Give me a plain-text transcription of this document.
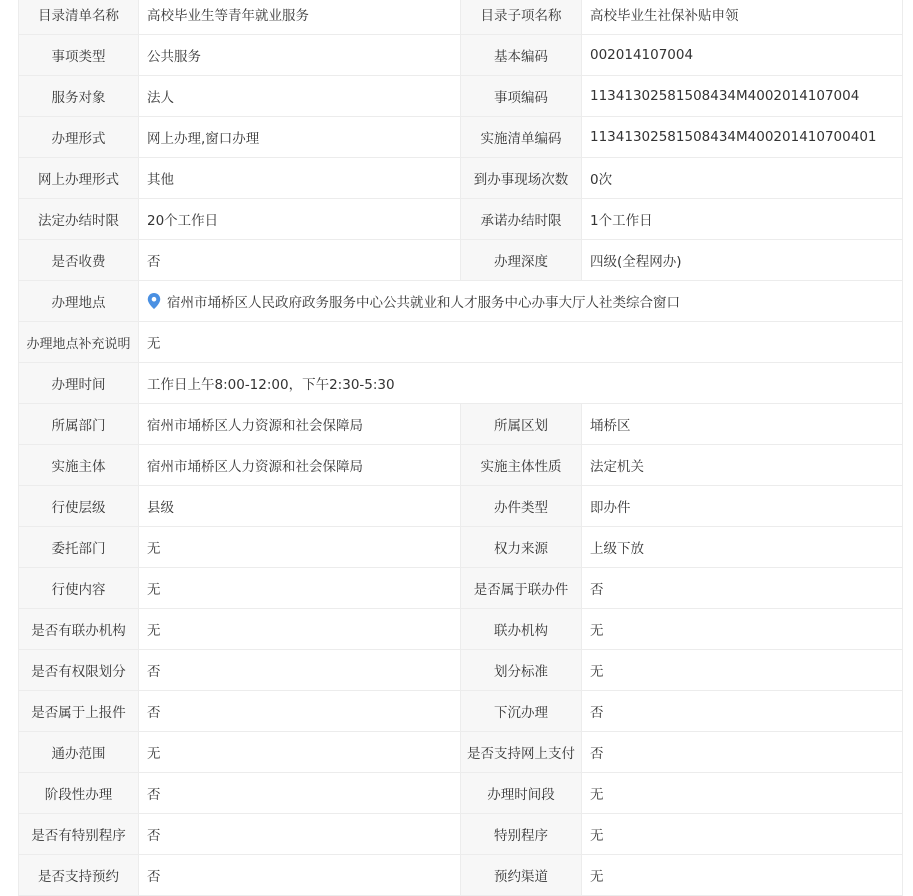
目录清单名称	高校毕业生等青年就业服务	目录子项名称	高校毕业生社保补贴申领
事项类型	公共服务	基本编码	002014107004
服务对象	法人	事项编码	11341302581508434M4002014107004
办理形式	网上办理,窗口办理	实施清单编码	11341302581508434M400201410700401
网上办理形式	其他	到办事现场次数	0次
法定办结时限	20个工作日	承诺办结时限	1个工作日
是否收费	否	办理深度	四级(全程网办)
办理地点	宿州市埇桥区人民政府政务服务中心公共就业和人才服务中心办事大厅人社类综合窗口
办理地点补充说明	无
办理时间	工作日上午8:00-12:00，下午2:30-5:30
所属部门	宿州市埇桥区人力资源和社会保障局	所属区划	埇桥区
实施主体	宿州市埇桥区人力资源和社会保障局	实施主体性质	法定机关
行使层级	县级	办件类型	即办件
委托部门	无	权力来源	上级下放
行使内容	无	是否属于联办件	否
是否有联办机构	无	联办机构	无
是否有权限划分	否	划分标准	无
是否属于上报件	否	下沉办理	否
通办范围	无	是否支持网上支付	否
阶段性办理	否	办理时间段	无
是否有特别程序	否	特别程序	无
是否支持预约	否	预约渠道	无
